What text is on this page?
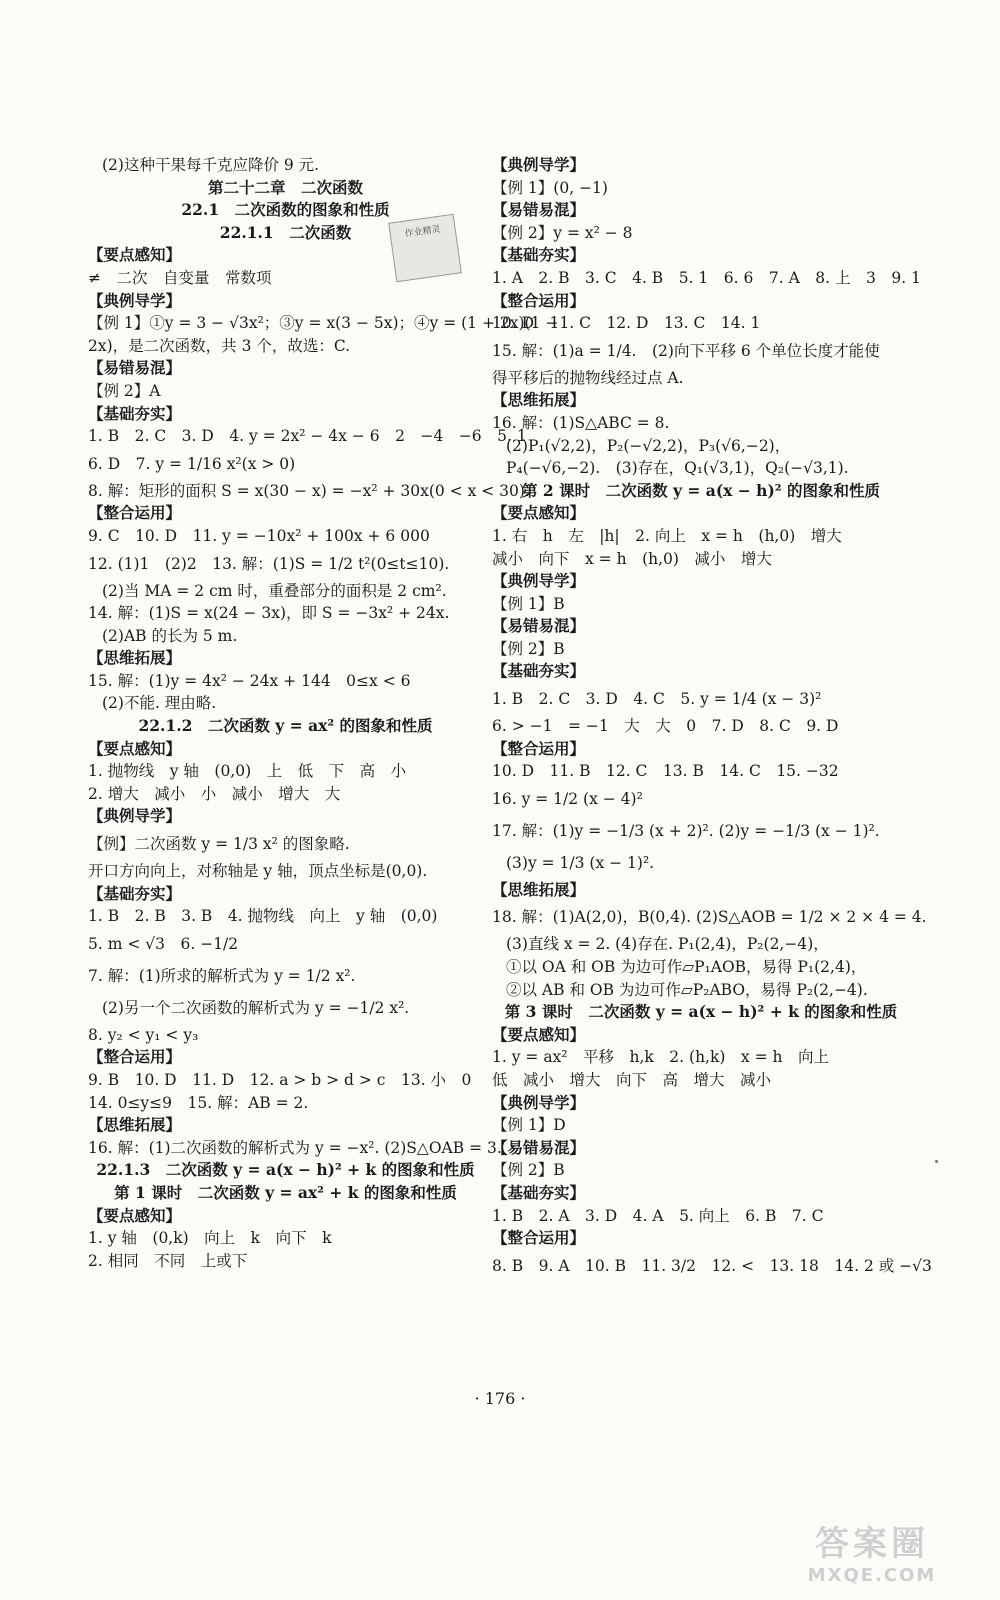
(2)这种干果每千克应降价 9 元.
第二十二章　二次函数
22.1　二次函数的图象和性质
22.1.1　二次函数
【要点感知】
≠　二次　自变量　常数项
【典例导学】
【例 1】①y = 3 − √3x²；③y = x(3 − 5x)；④y = (1 + 2x)(1 −
2x)，是二次函数，共 3 个，故选：C.
【易错易混】
【例 2】A
【基础夯实】
1. B　2. C　3. D　4. y = 2x² − 4x − 6　2　−4　−6　5. 1
6. D　7. y = 1/16 x²(x > 0)
8. 解：矩形的面积 S = x(30 − x) = −x² + 30x(0 < x < 30).
【整合运用】
9. C　10. D　11. y = −10x² + 100x + 6 000
12. (1)1　(2)2　13. 解：(1)S = 1/2 t²(0≤t≤10).
(2)当 MA = 2 cm 时，重叠部分的面积是 2 cm².
14. 解：(1)S = x(24 − 3x)，即 S = −3x² + 24x.
(2)AB 的长为 5 m.
【思维拓展】
15. 解：(1)y = 4x² − 24x + 144　0≤x < 6
(2)不能. 理由略.
22.1.2　二次函数 y = ax² 的图象和性质
【要点感知】
1. 抛物线　y 轴　(0,0)　上　低　下　高　小
2. 增大　减小　小　减小　增大　大
【典例导学】
【例】二次函数 y = 1/3 x² 的图象略.
开口方向向上，对称轴是 y 轴，顶点坐标是(0,0).
【基础夯实】
1. B　2. B　3. B　4. 抛物线　向上　y 轴　(0,0)
5. m < √3　6. −1/2
7. 解：(1)所求的解析式为 y = 1/2 x².
(2)另一个二次函数的解析式为 y = −1/2 x².
8. y₂ < y₁ < y₃
【整合运用】
9. B　10. D　11. D　12. a > b > d > c　13. 小　0
14. 0≤y≤9　15. 解：AB = 2.
【思维拓展】
16. 解：(1)二次函数的解析式为 y = −x². (2)S△OAB = 3.
22.1.3　二次函数 y = a(x − h)² + k 的图象和性质
第 1 课时　二次函数 y = ax² + k 的图象和性质
【要点感知】
1. y 轴　(0,k)　向上　k　向下　k
2. 相同　不同　上或下
【典例导学】
【例 1】(0, −1)
【易错易混】
【例 2】y = x² − 8
【基础夯实】
1. A　2. B　3. C　4. B　5. 1　6. 6　7. A　8. 上　3　9. 1
【整合运用】
10. D　11. C　12. D　13. C　14. 1
15. 解：(1)a = 1/4.　(2)向下平移 6 个单位长度才能使
得平移后的抛物线经过点 A.
【思维拓展】
16. 解：(1)S△ABC = 8.
(2)P₁(√2,2)，P₂(−√2,2)，P₃(√6,−2)，
P₄(−√6,−2).　(3)存在，Q₁(√3,1)，Q₂(−√3,1).
第 2 课时　二次函数 y = a(x − h)² 的图象和性质
【要点感知】
1. 右　h　左　|h|　2. 向上　x = h　(h,0)　增大
减小　向下　x = h　(h,0)　减小　增大
【典例导学】
【例 1】B
【易错易混】
【例 2】B
【基础夯实】
1. B　2. C　3. D　4. C　5. y = 1/4 (x − 3)²
6. > −1　= −1　大　大　0　7. D　8. C　9. D
【整合运用】
10. D　11. B　12. C　13. B　14. C　15. −32
16. y = 1/2 (x − 4)²
17. 解：(1)y = −1/3 (x + 2)². (2)y = −1/3 (x − 1)².
(3)y = 1/3 (x − 1)².
【思维拓展】
18. 解：(1)A(2,0)，B(0,4). (2)S△AOB = 1/2 × 2 × 4 = 4.
(3)直线 x = 2. (4)存在. P₁(2,4)，P₂(2,−4)，
①以 OA 和 OB 为边可作▱P₁AOB，易得 P₁(2,4)，
②以 AB 和 OB 为边可作▱P₂ABO，易得 P₂(2,−4).
第 3 课时　二次函数 y = a(x − h)² + k 的图象和性质
【要点感知】
1. y = ax²　平移　h,k　2. (h,k)　x = h　向上
低　减小　增大　向下　高　增大　减小
【典例导学】
【例 1】D
【易错易混】
【例 2】B
【基础夯实】
1. B　2. A　3. D　4. A　5. 向上　6. B　7. C
【整合运用】
8. B　9. A　10. B　11. 3/2　12. <　13. 18　14. 2 或 −√3
作业精灵
· 176 ·
答案圈
MXQE.COM
